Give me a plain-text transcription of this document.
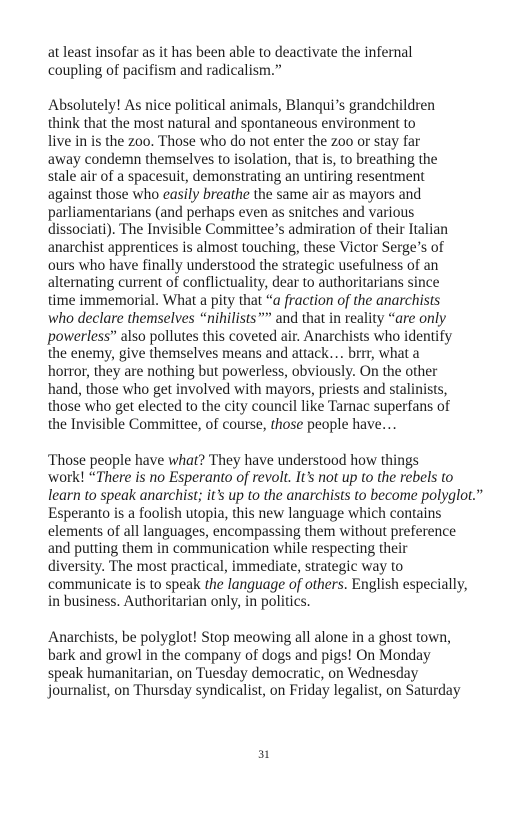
at least insofar as it has been able to deactivate the infernal
coupling of pacifism and radicalism.”
Absolutely! As nice political animals, Blanqui’s grandchildren
think that the most natural and spontaneous environment to
live in is the zoo. Those who do not enter the zoo or stay far
away condemn themselves to isolation, that is, to breathing the
stale air of a spacesuit, demonstrating an untiring resentment
against those who easily breathe the same air as mayors and
parliamentarians (and perhaps even as snitches and various
dissociati). The Invisible Committee’s admiration of their Italian
anarchist apprentices is almost touching, these Victor Serge’s of
ours who have finally understood the strategic usefulness of an
alternating current of conflictuality, dear to authoritarians since
time immemorial. What a pity that “a fraction of the anarchists
who declare themselves “nihilists”” and that in reality “are only
powerless” also pollutes this coveted air. Anarchists who identify
the enemy, give themselves means and attack… brrr, what a
horror, they are nothing but powerless, obviously. On the other
hand, those who get involved with mayors, priests and stalinists,
those who get elected to the city council like Tarnac superfans of
the Invisible Committee, of course, those people have…
Those people have what? They have understood how things
work! “There is no Esperanto of revolt. It’s not up to the rebels to
learn to speak anarchist; it’s up to the anarchists to become polyglot.”
Esperanto is a foolish utopia, this new language which contains
elements of all languages, encompassing them without preference
and putting them in communication while respecting their
diversity. The most practical, immediate, strategic way to
communicate is to speak the language of others. English especially,
in business. Authoritarian only, in politics.
Anarchists, be polyglot! Stop meowing all alone in a ghost town,
bark and growl in the company of dogs and pigs! On Monday
speak humanitarian, on Tuesday democratic, on Wednesday
journalist, on Thursday syndicalist, on Friday legalist, on Saturday
31
